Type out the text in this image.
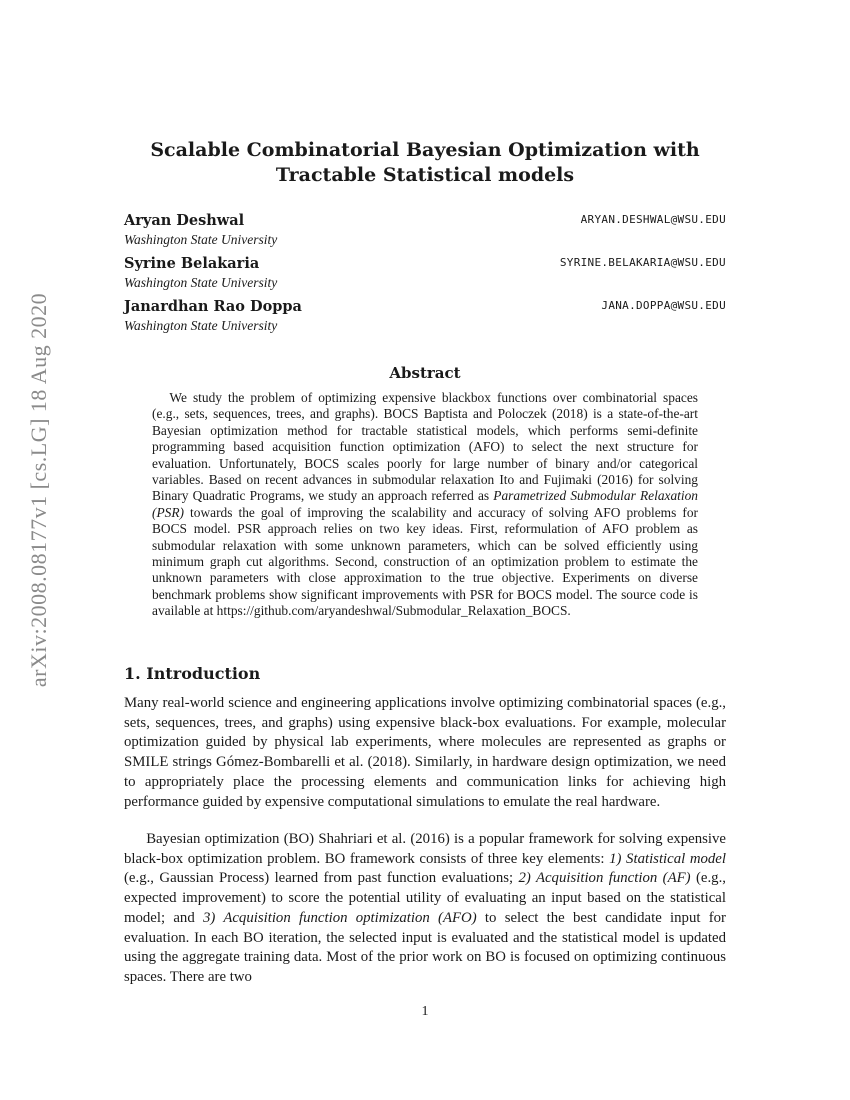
arXiv:2008.08177v1 [cs.LG] 18 Aug 2020
Scalable Combinatorial Bayesian Optimization with
Tractable Statistical models
Aryan Deshwal
Washington State University
ARYAN.DESHWAL@WSU.EDU
Syrine Belakaria
Washington State University
SYRINE.BELAKARIA@WSU.EDU
Janardhan Rao Doppa
Washington State University
JANA.DOPPA@WSU.EDU
Abstract
We study the problem of optimizing expensive blackbox functions over combinatorial spaces (e.g., sets, sequences, trees, and graphs). BOCS Baptista and Poloczek (2018) is a state-of-the-art Bayesian optimization method for tractable statistical models, which performs semi-definite programming based acquisition function optimization (AFO) to select the next structure for evaluation. Unfortunately, BOCS scales poorly for large number of binary and/or categorical variables. Based on recent advances in submodular relaxation Ito and Fujimaki (2016) for solving Binary Quadratic Programs, we study an approach referred as Parametrized Submodular Relaxation (PSR) towards the goal of improving the scalability and accuracy of solving AFO problems for BOCS model. PSR approach relies on two key ideas. First, reformulation of AFO problem as submodular relaxation with some unknown parameters, which can be solved efficiently using minimum graph cut algorithms. Second, construction of an optimization problem to estimate the unknown parameters with close approximation to the true objective. Experiments on diverse benchmark problems show significant improvements with PSR for BOCS model. The source code is available at https://github.com/aryandeshwal/Submodular_Relaxation_BOCS.
1. Introduction
Many real-world science and engineering applications involve optimizing combinatorial spaces (e.g., sets, sequences, trees, and graphs) using expensive black-box evaluations. For example, molecular optimization guided by physical lab experiments, where molecules are represented as graphs or SMILE strings Gómez-Bombarelli et al. (2018). Similarly, in hardware design optimization, we need to appropriately place the processing elements and communication links for achieving high performance guided by expensive computational simulations to emulate the real hardware.
Bayesian optimization (BO) Shahriari et al. (2016) is a popular framework for solving expensive black-box optimization problem. BO framework consists of three key elements: 1) Statistical model (e.g., Gaussian Process) learned from past function evaluations; 2) Acquisition function (AF) (e.g., expected improvement) to score the potential utility of evaluating an input based on the statistical model; and 3) Acquisition function optimization (AFO) to select the best candidate input for evaluation. In each BO iteration, the selected input is evaluated and the statistical model is updated using the aggregate training data. Most of the prior work on BO is focused on optimizing continuous spaces. There are two
1
